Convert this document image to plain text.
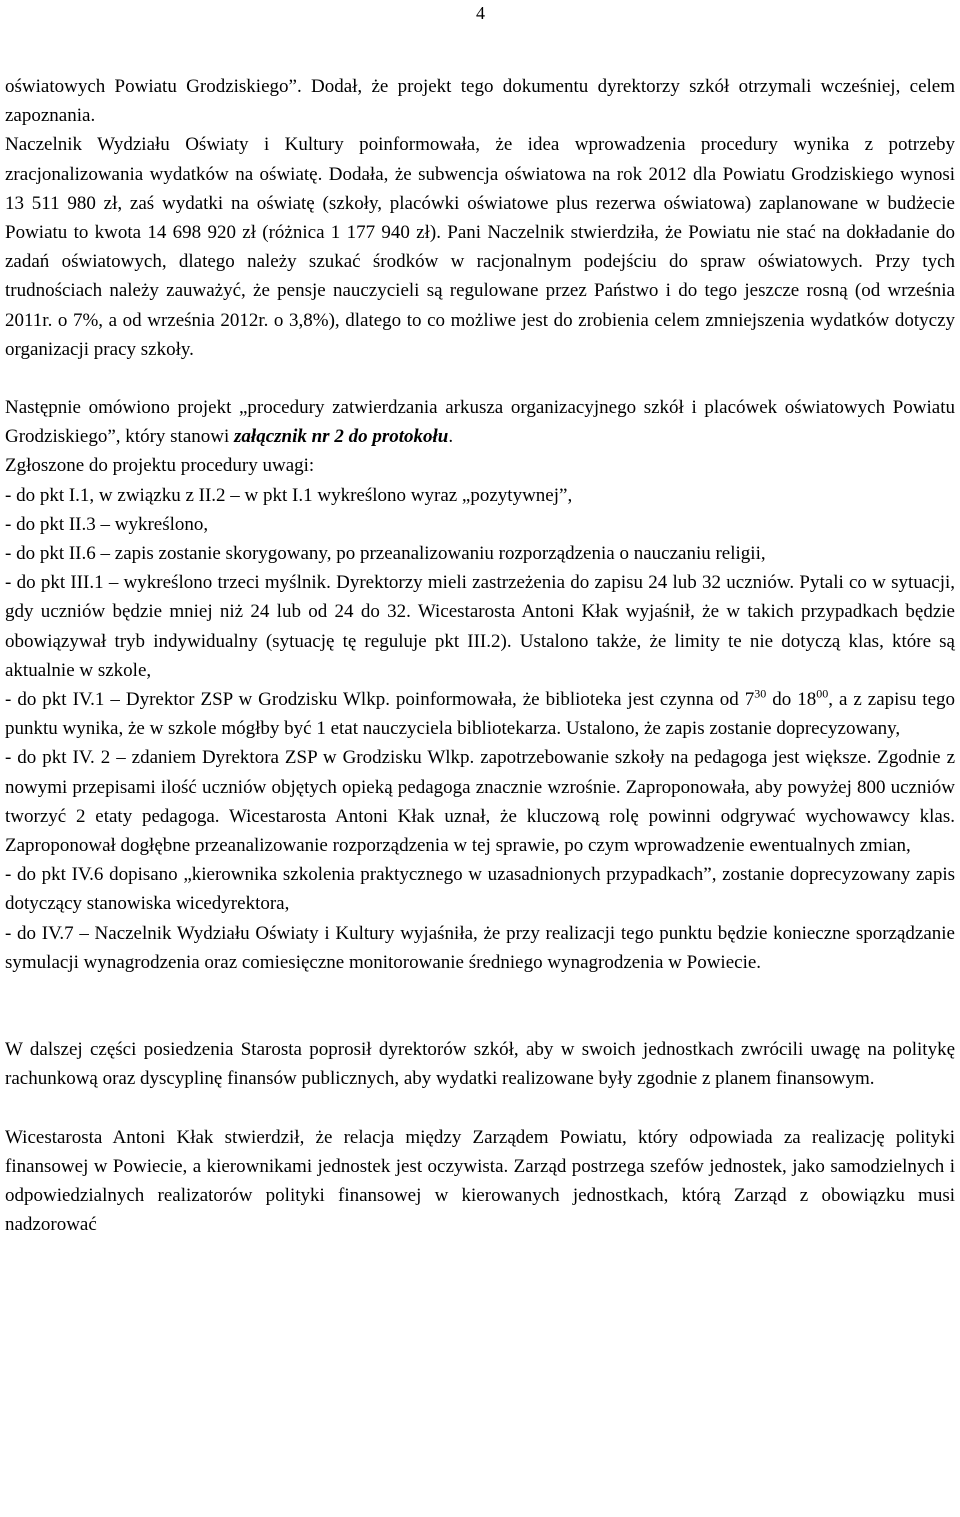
4

oświatowych Powiatu Grodziskiego”. Dodał, że projekt tego dokumentu dyrektorzy szkół otrzymali wcześniej, celem zapoznania.

Naczelnik Wydziału Oświaty i Kultury poinformowała, że idea wprowadzenia procedury wynika z potrzeby zracjonalizowania wydatków na oświatę. Dodała, że subwencja oświatowa na rok 2012 dla Powiatu Grodziskiego wynosi 13 511 980 zł, zaś wydatki na oświatę (szkoły, placówki oświatowe plus rezerwa oświatowa) zaplanowane w budżecie Powiatu to kwota 14 698 920 zł (różnica 1 177 940 zł). Pani Naczelnik stwierdziła, że Powiatu nie stać na dokładanie do zadań oświatowych, dlatego należy szukać środków w racjonalnym podejściu do spraw oświatowych. Przy tych trudnościach należy zauważyć, że pensje nauczycieli są regulowane przez Państwo i do tego jeszcze rosną (od września 2011r. o 7%, a od września 2012r. o 3,8%), dlatego to co możliwe jest do zrobienia celem zmniejszenia wydatków dotyczy organizacji pracy szkoły.

Następnie omówiono projekt „procedury zatwierdzania arkusza organizacyjnego szkół i placówek oświatowych Powiatu Grodziskiego”, który stanowi załącznik nr 2 do protokołu.

Zgłoszone do projektu procedury uwagi:

- do pkt I.1, w związku z II.2 – w pkt I.1 wykreślono wyraz „pozytywnej”,

- do pkt II.3 – wykreślono,

- do pkt II.6 – zapis zostanie skorygowany, po przeanalizowaniu rozporządzenia o nauczaniu religii,

- do pkt III.1 – wykreślono trzeci myślnik. Dyrektorzy mieli zastrzeżenia do zapisu 24 lub 32 uczniów. Pytali co w sytuacji, gdy uczniów będzie mniej niż 24 lub od 24 do 32. Wicestarosta Antoni Kłak wyjaśnił, że w takich przypadkach będzie obowiązywał tryb indywidualny (sytuację tę reguluje pkt III.2). Ustalono także, że limity te nie dotyczą klas, które są aktualnie w szkole,

- do pkt IV.1 – Dyrektor ZSP w Grodzisku Wlkp. poinformowała, że biblioteka jest czynna od $7^{30}$ do $18^{00}$, a z zapisu tego punktu wynika, że w szkole mógłby być 1 etat nauczyciela bibliotekarza. Ustalono, że zapis zostanie doprecyzowany,

- do pkt IV. 2 – zdaniem Dyrektora ZSP w Grodzisku Wlkp. zapotrzebowanie szkoły na pedagoga jest większe. Zgodnie z nowymi przepisami ilość uczniów objętych opieką pedagoga znacznie wzrośnie. Zaproponowała, aby powyżej 800 uczniów tworzyć 2 etaty pedagoga. Wicestarosta Antoni Kłak uznał, że kluczową rolę powinni odgrywać wychowawcy klas. Zaproponował dogłębne przeanalizowanie rozporządzenia w tej sprawie, po czym wprowadzenie ewentualnych zmian,

- do pkt IV.6 dopisano „kierownika szkolenia praktycznego w uzasadnionych przypadkach”, zostanie doprecyzowany zapis dotyczący stanowiska wicedyrektora,

- do IV.7 – Naczelnik Wydziału Oświaty i Kultury wyjaśniła, że przy realizacji tego punktu będzie konieczne sporządzanie symulacji wynagrodzenia oraz comiesięczne monitorowanie średniego wynagrodzenia w Powiecie.

W dalszej części posiedzenia Starosta poprosił dyrektorów szkół, aby w swoich jednostkach zwrócili uwagę na politykę rachunkową oraz dyscyplinę finansów publicznych, aby wydatki realizowane były zgodnie z planem finansowym.

Wicestarosta Antoni Kłak stwierdził, że relacja między Zarządem Powiatu, który odpowiada za realizację polityki finansowej w Powiecie, a kierownikami jednostek jest oczywista. Zarząd postrzega szefów jednostek, jako samodzielnych i odpowiedzialnych realizatorów polityki finansowej w kierowanych jednostkach, którą Zarząd z obowiązku musi nadzorować
